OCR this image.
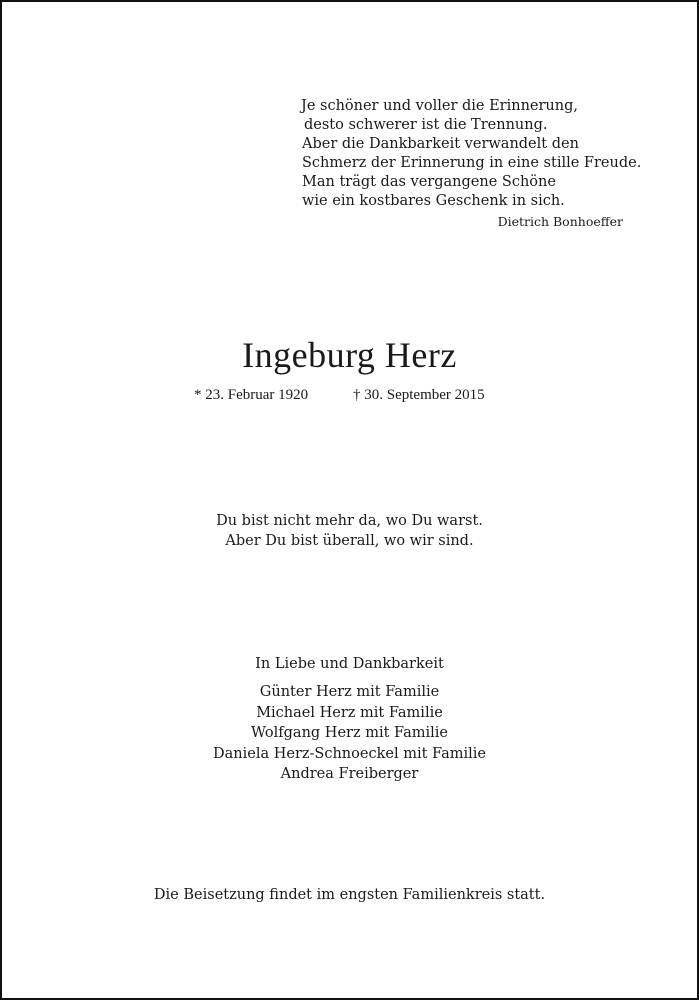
Je schöner und voller die Erinnerung,
desto schwerer ist die Trennung.
Aber die Dankbarkeit verwandelt den
Schmerz der Erinnerung in eine stille Freude.
Man trägt das vergangene Schöne
wie ein kostbares Geschenk in sich.
Dietrich Bonhoeffer
Ingeburg Herz
* 23. Februar 1920	† 30. September 2015
Du bist nicht mehr da, wo Du warst.
Aber Du bist überall, wo wir sind.
In Liebe und Dankbarkeit
Günter Herz mit Familie
Michael Herz mit Familie
Wolfgang Herz mit Familie
Daniela Herz-Schnoeckel mit Familie
Andrea Freiberger
Die Beisetzung findet im engsten Familienkreis statt.
